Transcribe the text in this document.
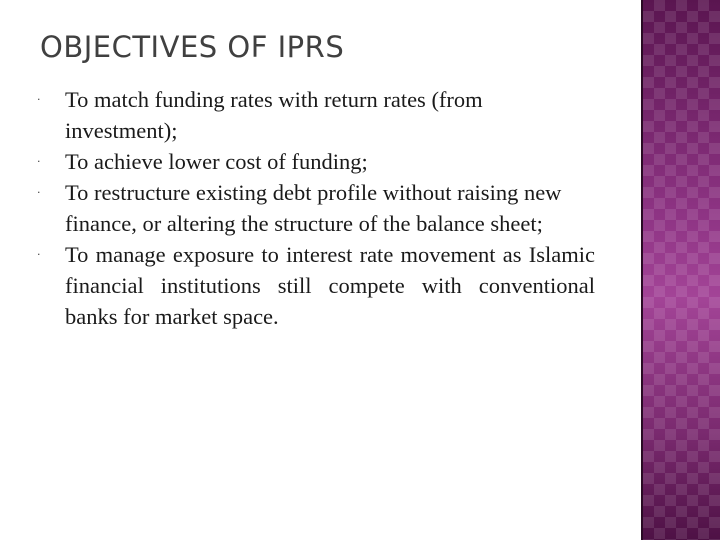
OBJECTIVES OF IPRS
·	To match funding rates with return rates (from investment);
·	To achieve lower cost of funding;
·	To restructure existing debt profile without raising new finance, or altering the structure of the balance sheet;
·	To manage exposure to interest rate movement as Islamic financial institutions still compete with conventional banks for market space.
